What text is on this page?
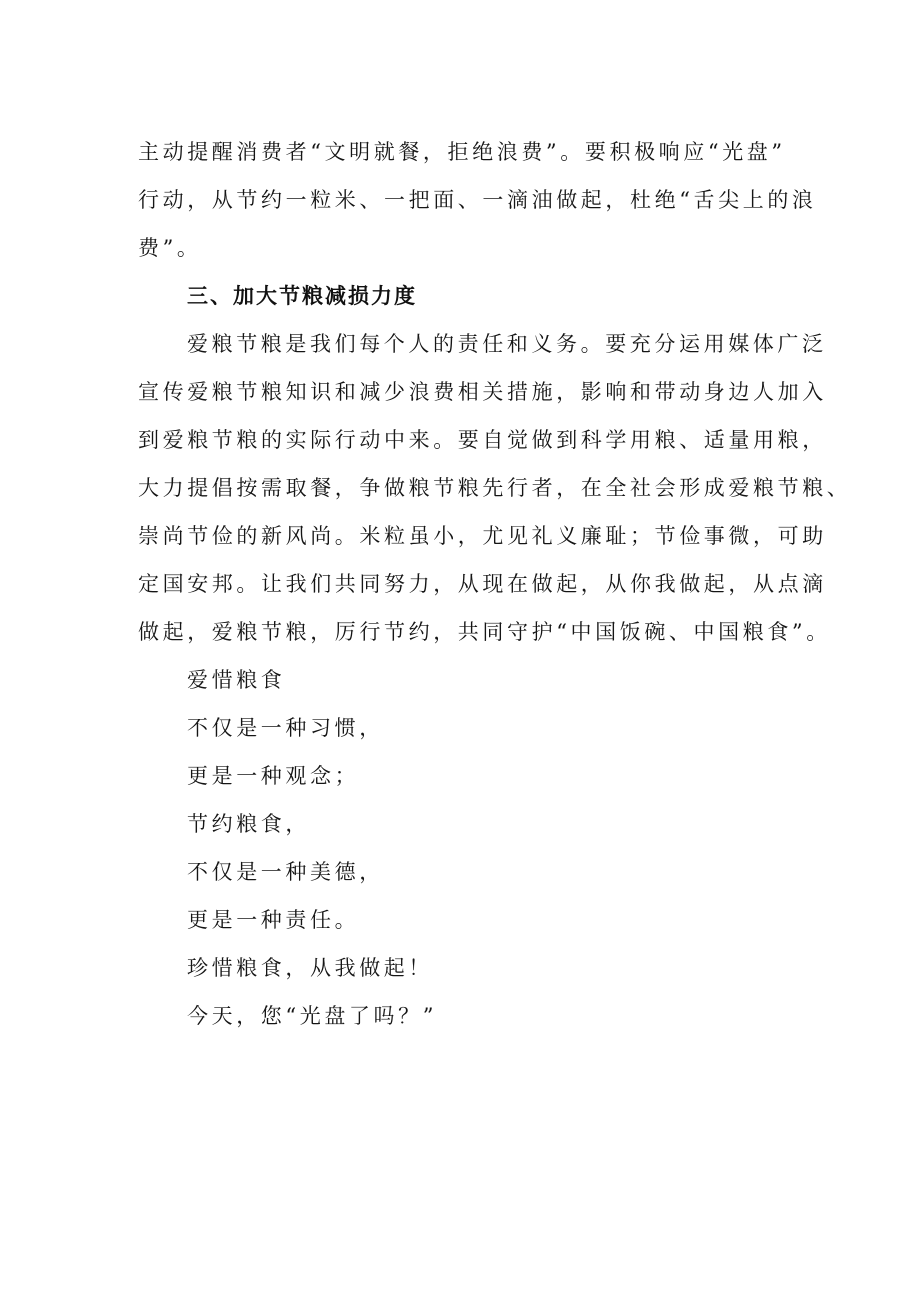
主动提醒消费者“文明就餐，拒绝浪费”。要积极响应“光盘”
行动，从节约一粒米、一把面、一滴油做起，杜绝“舌尖上的浪
费”。
三、加大节粮减损力度
爱粮节粮是我们每个人的责任和义务。要充分运用媒体广泛
宣传爱粮节粮知识和减少浪费相关措施，影响和带动身边人加入
到爱粮节粮的实际行动中来。要自觉做到科学用粮、适量用粮，
大力提倡按需取餐，争做粮节粮先行者，在全社会形成爱粮节粮、
崇尚节俭的新风尚。米粒虽小，尤见礼义廉耻；节俭事微，可助
定国安邦。让我们共同努力，从现在做起，从你我做起，从点滴
做起，爱粮节粮，厉行节约，共同守护“中国饭碗、中国粮食”。
爱惜粮食
不仅是一种习惯，
更是一种观念；
节约粮食，
不仅是一种美德，
更是一种责任。
珍惜粮食，从我做起！
今天，您“光盘了吗？”
